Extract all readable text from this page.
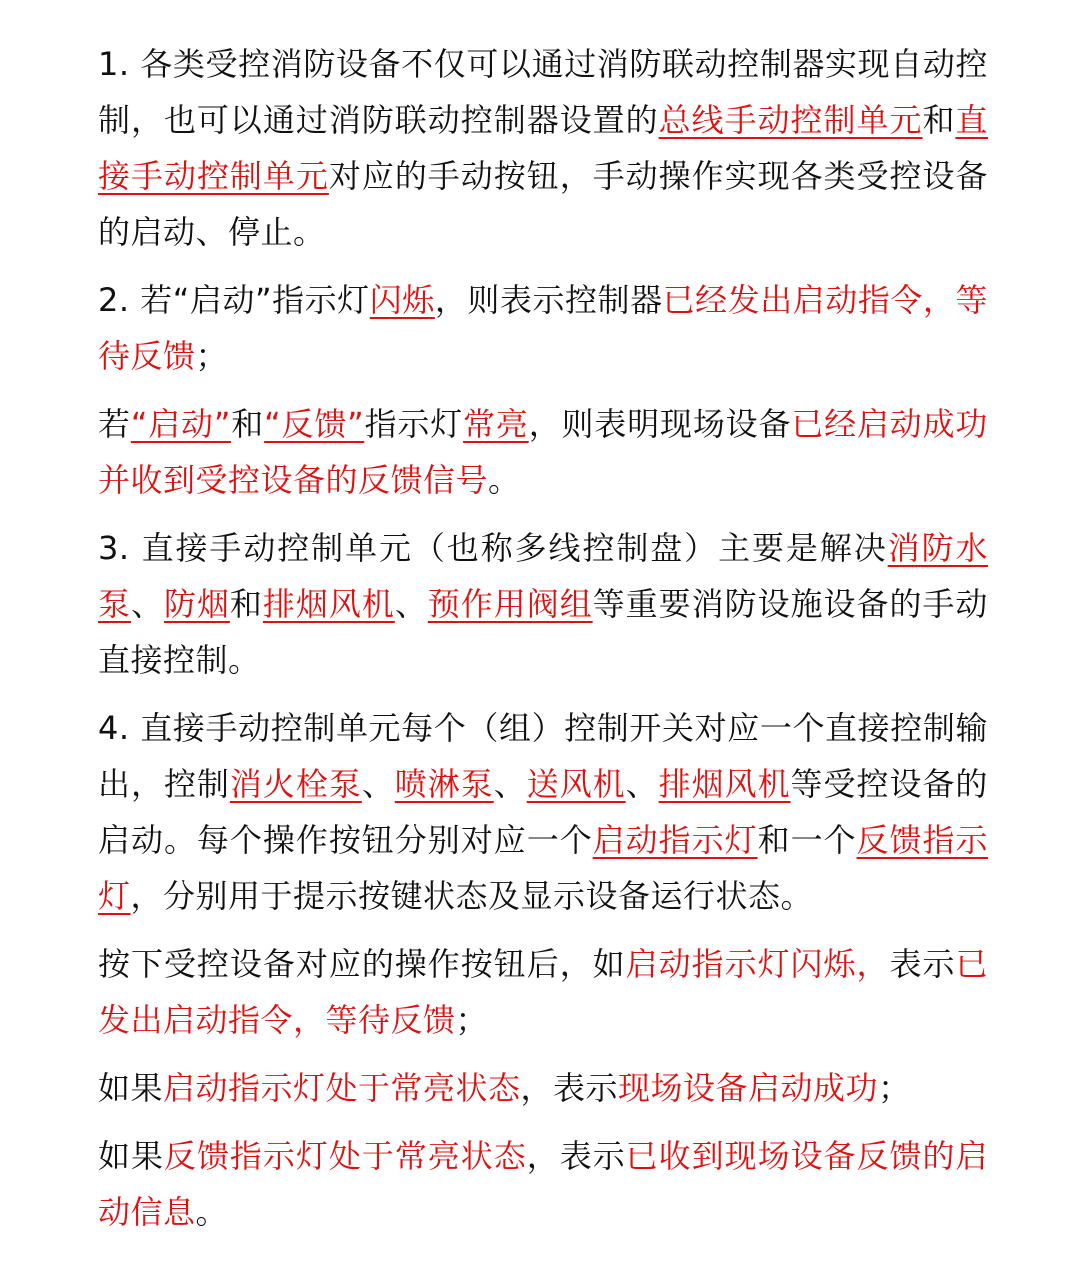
1. 各类受控消防设备不仅可以通过消防联动控制器实现自动控制，也可以通过消防联动控制器设置的总线手动控制单元和直接手动控制单元对应的手动按钮，手动操作实现各类受控设备的启动、停止。

2. 若“启动”指示灯闪烁，则表示控制器已经发出启动指令，等待反馈；

若“启动”和“反馈”指示灯常亮，则表明现场设备已经启动成功并收到受控设备的反馈信号。

3. 直接手动控制单元（也称多线控制盘）主要是解决消防水泵、防烟和排烟风机、预作用阀组等重要消防设施设备的手动直接控制。

4. 直接手动控制单元每个（组）控制开关对应一个直接控制输出，控制消火栓泵、喷淋泵、送风机、排烟风机等受控设备的启动。每个操作按钮分别对应一个启动指示灯和一个反馈指示灯，分别用于提示按键状态及显示设备运行状态。

按下受控设备对应的操作按钮后，如启动指示灯闪烁，表示已发出启动指令，等待反馈；

如果启动指示灯处于常亮状态，表示现场设备启动成功；

如果反馈指示灯处于常亮状态，表示已收到现场设备反馈的启动信息。
